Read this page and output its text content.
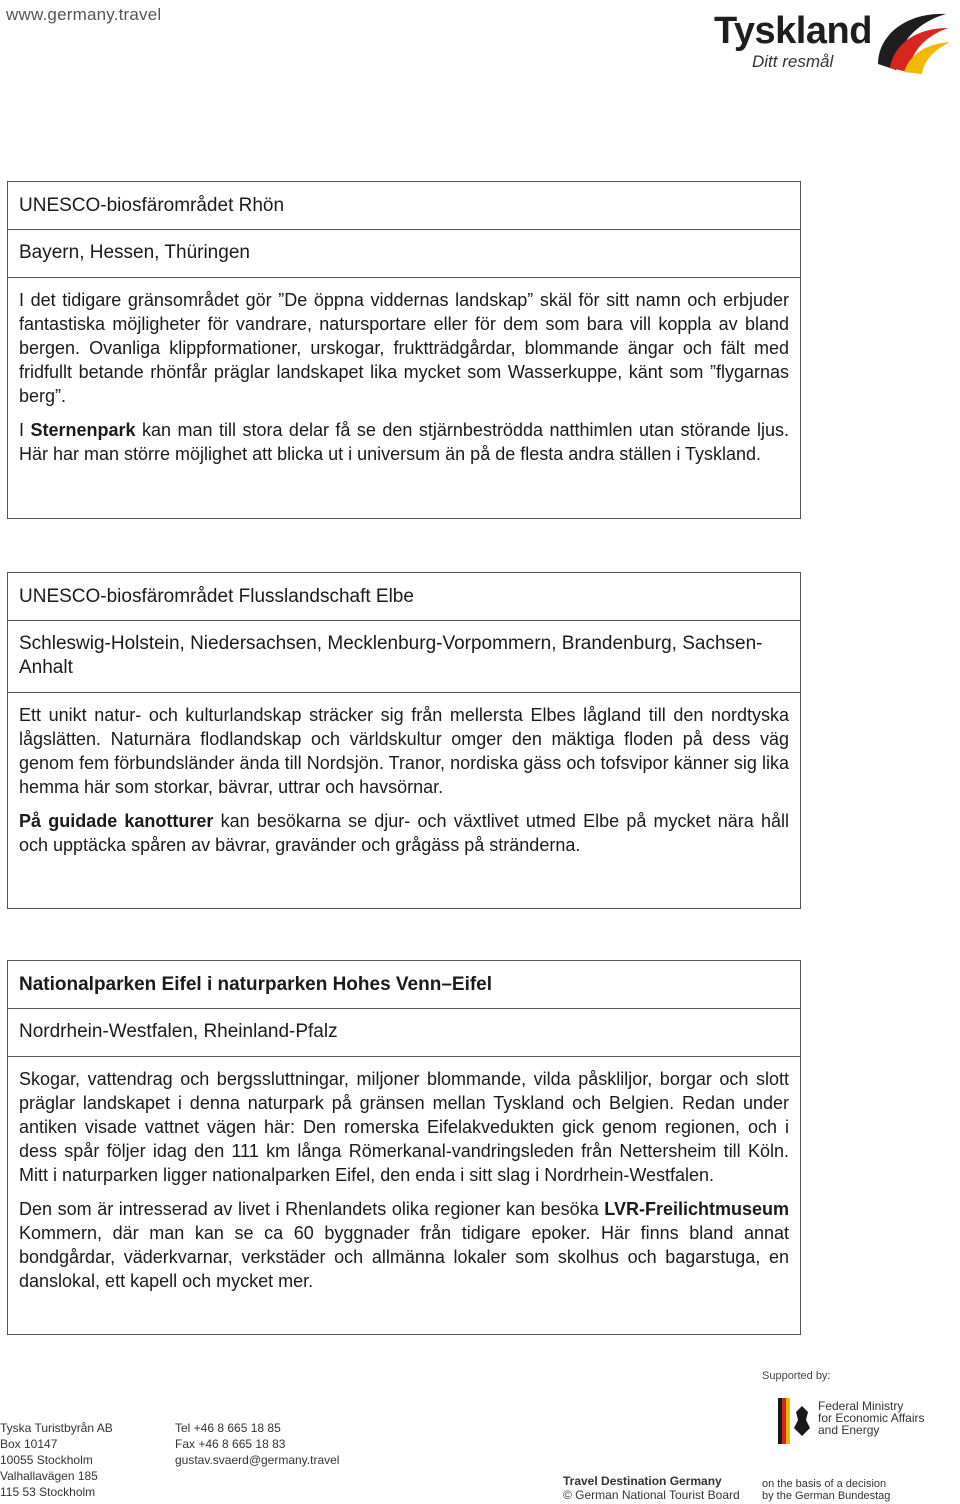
www.germany.travel	Tyskland
Ditt resmål
UNESCO-biosfärområdet Rhön
Bayern, Hessen, Thüringen

I det tidigare gränsområdet gör ”De öppna viddernas landskap” skäl för sitt namn och erbjuder fantastiska möjligheter för vandrare, natursportare eller för dem som bara vill koppla av bland bergen. Ovanliga klippformationer, urskogar, fruktträdgårdar, blommande ängar och fält med fridfullt betande rhönfår präglar landskapet lika mycket som Wasserkuppe, känt som ”flygarnas berg”.

I Sternenpark kan man till stora delar få se den stjärnbeströdda natthimlen utan störande ljus. Här har man större möjlighet att blicka ut i universum än på de flesta andra ställen i Tyskland.

UNESCO-biosfärområdet Flusslandschaft Elbe
Schleswig-Holstein, Niedersachsen, Mecklenburg-Vorpommern, Brandenburg, Sachsen-Anhalt

Ett unikt natur- och kulturlandskap sträcker sig från mellersta Elbes lågland till den nordtyska lågslätten. Naturnära flodlandskap och världskultur omger den mäktiga floden på dess väg genom fem förbundsländer ända till Nordsjön. Tranor, nordiska gäss och tofsvipor känner sig lika hemma här som storkar, bävrar, uttrar och havsörnar.

På guidade kanotturer kan besökarna se djur- och växtlivet utmed Elbe på mycket nära håll och upptäcka spåren av bävrar, gravänder och grågäss på stränderna.

Nationalparken Eifel i naturparken Hohes Venn–Eifel
Nordrhein-Westfalen, Rheinland-Pfalz

Skogar, vattendrag och bergssluttningar, miljoner blommande, vilda påskliljor, borgar och slott präglar landskapet i denna naturpark på gränsen mellan Tyskland och Belgien. Redan under antiken visade vattnet vägen här: Den romerska Eifelakvedukten gick genom regionen, och i dess spår följer idag den 111 km långa Römerkanal-vandringsleden från Nettersheim till Köln. Mitt i naturparken ligger nationalparken Eifel, den enda i sitt slag i Nordrhein-Westfalen.

Den som är intresserad av livet i Rhenlandets olika regioner kan besöka LVR-Freilichtmuseum Kommern, där man kan se ca 60 byggnader från tidigare epoker. Här finns bland annat bondgårdar, väderkvarnar, verkstäder och allmänna lokaler som skolhus och bagarstuga, en danslokal, ett kapell och mycket mer.

Tyska Turistbyrån AB
Box 10147
10055 Stockholm
Valhallavägen 185
115 53 Stockholm
Tel +46 8 665 18 85
Fax +46 8 665 18 83
gustav.svaerd@germany.travel
Travel Destination Germany
© German National Tourist Board
Supported by:
Federal Ministry
for Economic Affairs
and Energy
on the basis of a decision
by the German Bundestag
